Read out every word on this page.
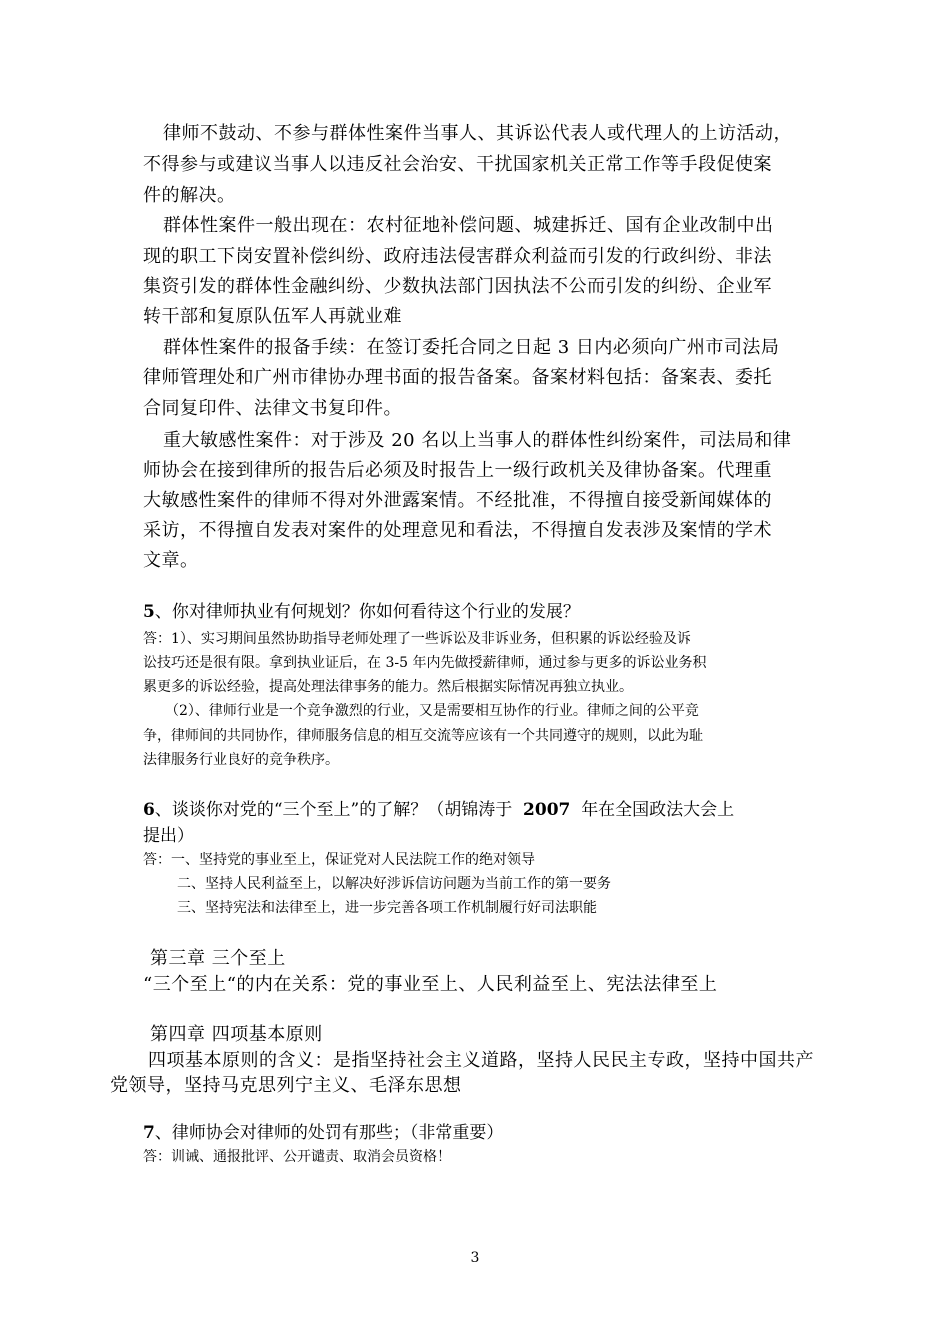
律师不鼓动、不参与群体性案件当事人、其诉讼代表人或代理人的上访活动，
不得参与或建议当事人以违反社会治安、干扰国家机关正常工作等手段促使案
件的解决。
群体性案件一般出现在：农村征地补偿问题、城建拆迁、国有企业改制中出
现的职工下岗安置补偿纠纷、政府违法侵害群众利益而引发的行政纠纷、非法
集资引发的群体性金融纠纷、少数执法部门因执法不公而引发的纠纷、企业军
转干部和复原队伍军人再就业难
群体性案件的报备手续：在签订委托合同之日起 3 日内必须向广州市司法局
律师管理处和广州市律协办理书面的报告备案。备案材料包括：备案表、委托
合同复印件、法律文书复印件。
重大敏感性案件：对于涉及 20 名以上当事人的群体性纠纷案件，司法局和律
师协会在接到律所的报告后必须及时报告上一级行政机关及律协备案。代理重
大敏感性案件的律师不得对外泄露案情。不经批准，不得擅自接受新闻媒体的
采访，不得擅自发表对案件的处理意见和看法，不得擅自发表涉及案情的学术
文章。
5、你对律师执业有何规划？你如何看待这个行业的发展？
答：1）、实习期间虽然协助指导老师处理了一些诉讼及非诉业务，但积累的诉讼经验及诉
讼技巧还是很有限。拿到执业证后，在 3-5 年内先做授薪律师，通过参与更多的诉讼业务积
累更多的诉讼经验，提高处理法律事务的能力。然后根据实际情况再独立执业。
（2）、律师行业是一个竞争激烈的行业，又是需要相互协作的行业。律师之间的公平竞
争，律师间的共同协作，律师服务信息的相互交流等应该有一个共同遵守的规则，以此为耻
法律服务行业良好的竞争秩序。
6、谈谈你对党的“三个至上”的了解？（胡锦涛于 2007 年在全国政法大会上
提出）
答：一、坚持党的事业至上，保证党对人民法院工作的绝对领导
二、坚持人民利益至上，以解决好涉诉信访问题为当前工作的第一要务
三、坚持宪法和法律至上，进一步完善各项工作机制履行好司法职能
第三章 三个至上
“三个至上“的内在关系：党的事业至上、人民利益至上、宪法法律至上
第四章 四项基本原则
四项基本原则的含义：是指坚持社会主义道路，坚持人民民主专政，坚持中国共产
党领导，坚持马克思列宁主义、毛泽东思想
7、律师协会对律师的处罚有那些；（非常重要）
答：训诫、通报批评、公开谴责、取消会员资格！
3
